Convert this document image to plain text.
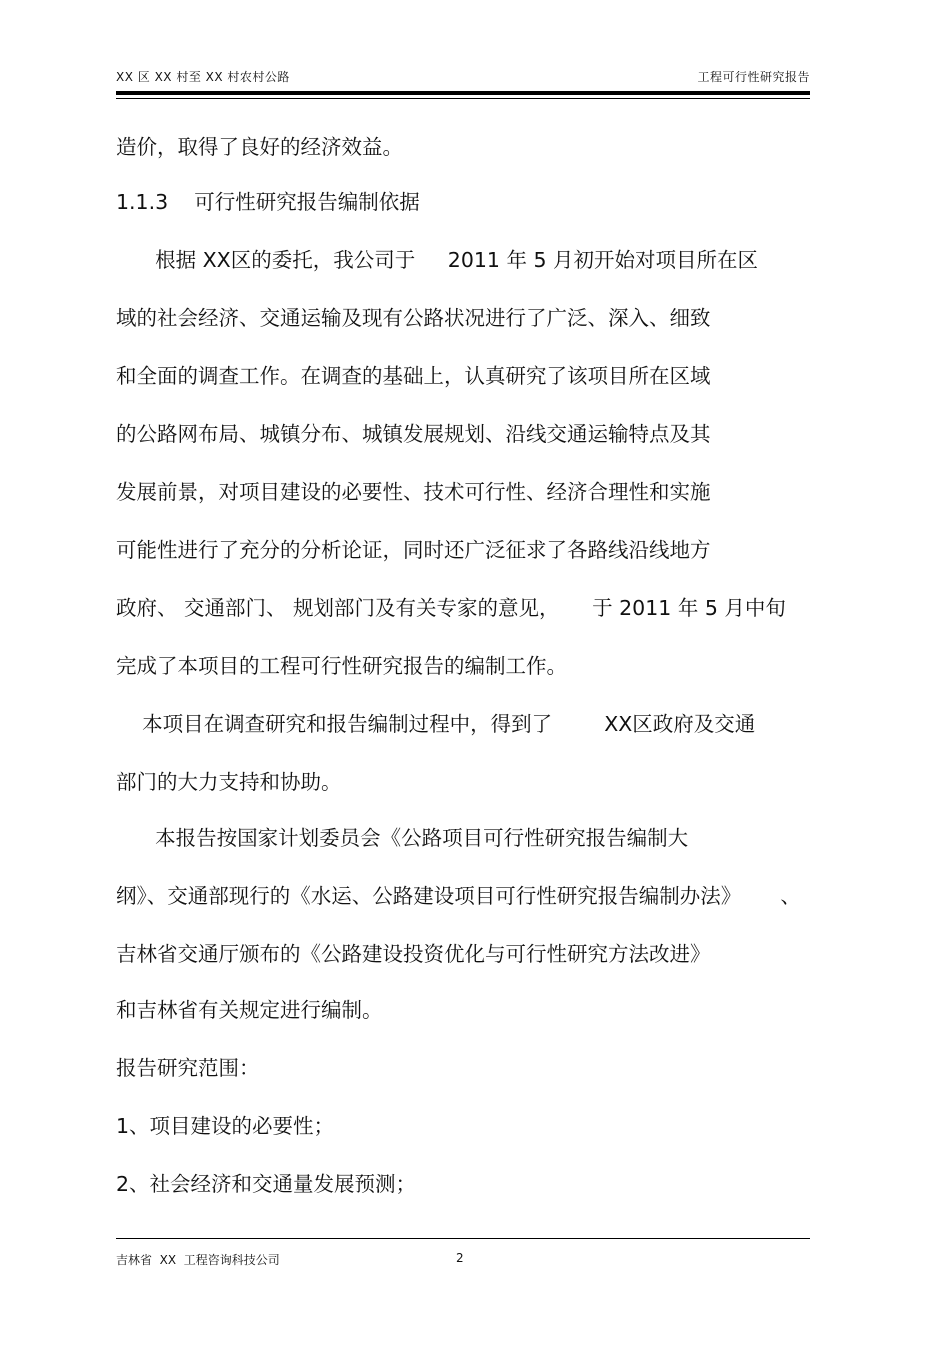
XX 区 XX 村至 XX 村农村公路	工程可行性研究报告
造价，取得了良好的经济效益。
1.1.3    可行性研究报告编制依据
根据 XX区的委托，我公司于     2011 年 5 月初开始对项目所在区
域的社会经济、交通运输及现有公路状况进行了广泛、深入、细致
和全面的调查工作。在调查的基础上，认真研究了该项目所在区域
的公路网布局、城镇分布、城镇发展规划、沿线交通运输特点及其
发展前景，对项目建设的必要性、技术可行性、经济合理性和实施
可能性进行了充分的分析论证，同时还广泛征求了各路线沿线地方
政府、 交通部门、 规划部门及有关专家的意见，     于 2011 年 5 月中旬
完成了本项目的工程可行性研究报告的编制工作。
本项目在调查研究和报告编制过程中，得到了        XX区政府及交通
部门的大力支持和协助。
本报告按国家计划委员会《公路项目可行性研究报告编制大
纲》、交通部现行的《水运、公路建设项目可行性研究报告编制办法》      、
吉林省交通厅颁布的《公路建设投资优化与可行性研究方法改进》
和吉林省有关规定进行编制。
报告研究范围：
1、项目建设的必要性；
2、社会经济和交通量发展预测；
吉林省  XX  工程咨询科技公司	2
